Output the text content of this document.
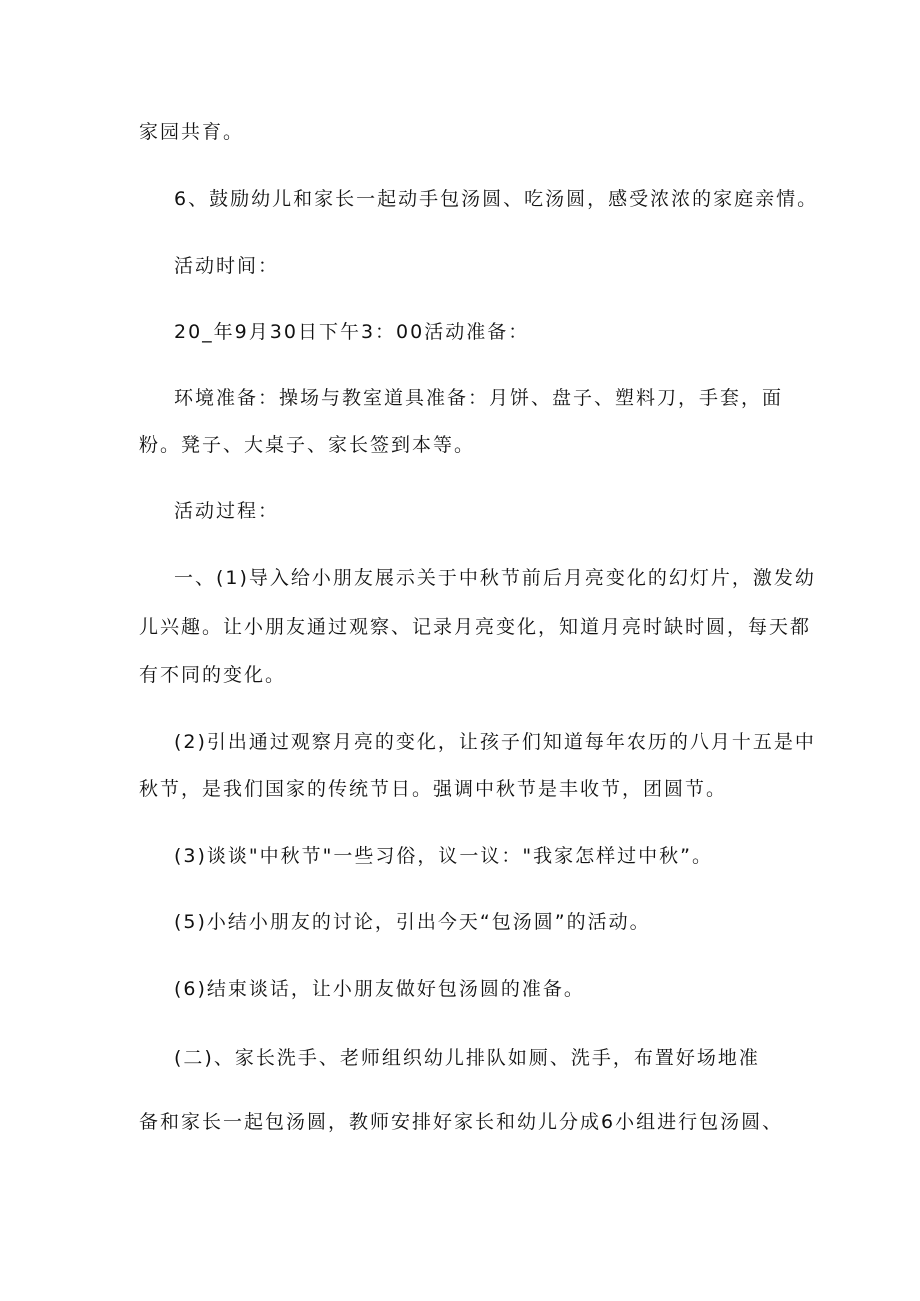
家园共育。
6、鼓励幼儿和家长一起动手包汤圆、吃汤圆，感受浓浓的家庭亲情。
活动时间：
20_年9月30日下午3：00活动准备：
环境准备：操场与教室道具准备：月饼、盘子、塑料刀，手套，面
粉。凳子、大桌子、家长签到本等。
活动过程：
一、(1)导入给小朋友展示关于中秋节前后月亮变化的幻灯片，激发幼
儿兴趣。让小朋友通过观察、记录月亮变化，知道月亮时缺时圆，每天都
有不同的变化。
(2)引出通过观察月亮的变化，让孩子们知道每年农历的八月十五是中
秋节，是我们国家的传统节日。强调中秋节是丰收节，团圆节。
(3)谈谈"中秋节"一些习俗，议一议："我家怎样过中秋”。
(5)小结小朋友的讨论，引出今天“包汤圆”的活动。
(6)结束谈话，让小朋友做好包汤圆的准备。
(二)、家长洗手、老师组织幼儿排队如厕、洗手，布置好场地准
备和家长一起包汤圆，教师安排好家长和幼儿分成6小组进行包汤圆、
